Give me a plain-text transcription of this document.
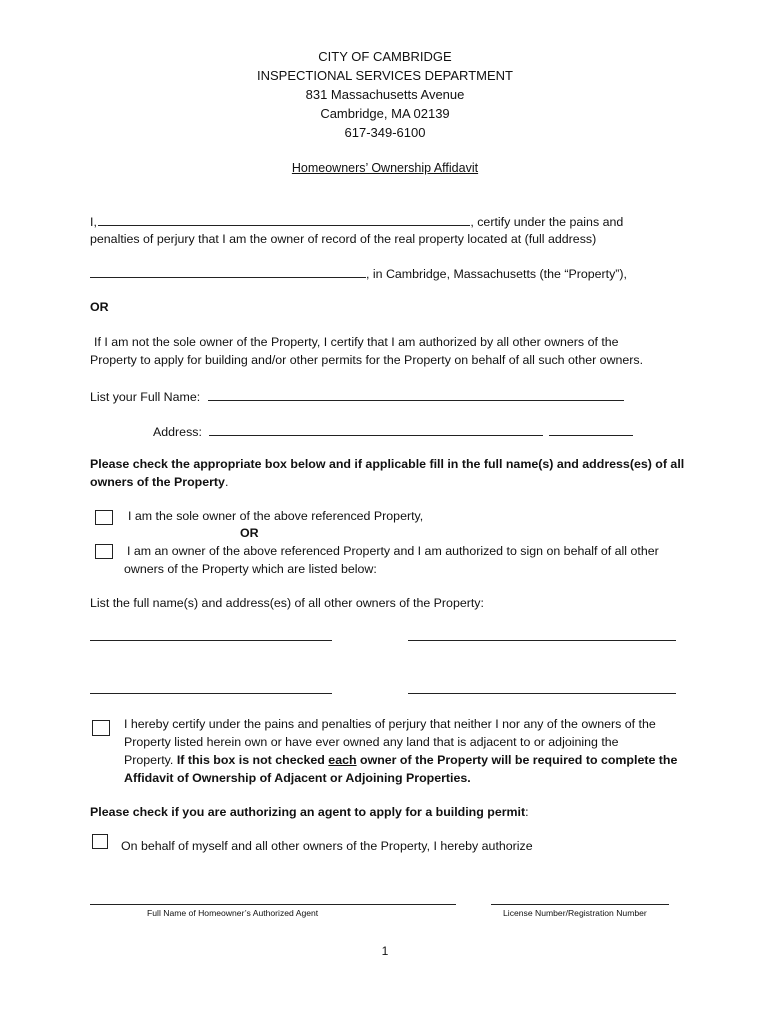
CITY OF CAMBRIDGE
INSPECTIONAL SERVICES DEPARTMENT
831 Massachusetts Avenue
Cambridge, MA 02139
617-349-6100
Homeowners’ Ownership Affidavit
I,	, certify under the pains and
penalties of perjury that I am the owner of record of the real property located at (full address)
, in Cambridge, Massachusetts (the “Property”),
OR
If I am not the sole owner of the Property, I certify that I am authorized by all other owners of the
Property to apply for building and/or other permits for the Property on behalf of all such other owners.
List your Full Name:
Address:
Please check the appropriate box below and if applicable fill in the full name(s) and address(es) of all
owners of the Property.
I am the sole owner of the above referenced Property,
OR
I am an owner of the above referenced Property and I am authorized to sign on behalf of all other
owners of the Property which are listed below:
List the full name(s) and address(es) of all other owners of the Property:
I hereby certify under the pains and penalties of perjury that neither I nor any of the owners of the
Property listed herein own or have ever owned any land that is adjacent to or adjoining the
Property. If this box is not checked each owner of the Property will be required to complete the
Affidavit of Ownership of Adjacent or Adjoining Properties.
Please check if you are authorizing an agent to apply for a building permit:
On behalf of myself and all other owners of the Property, I hereby authorize
Full Name of Homeowner’s Authorized Agent	License Number/Registration Number
1
